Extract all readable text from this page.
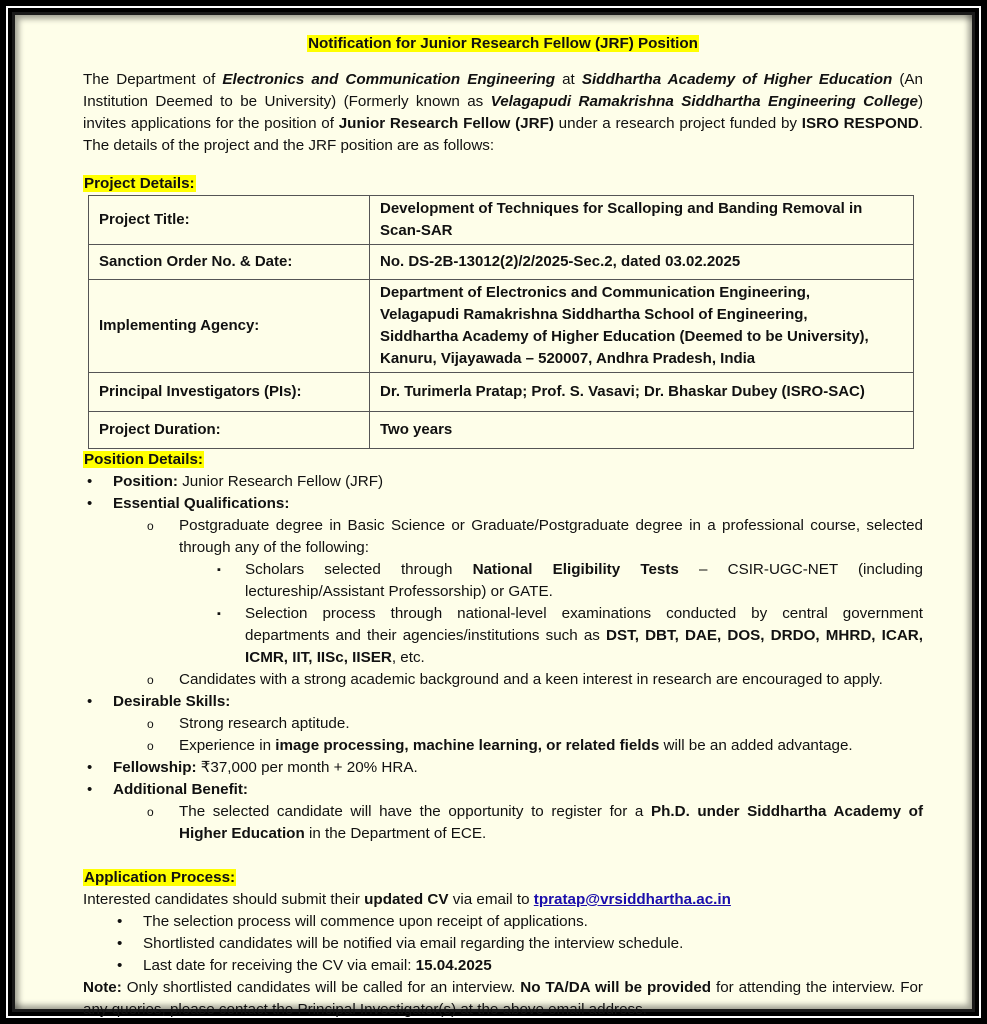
Notification for Junior Research Fellow (JRF) Position

The Department of Electronics and Communication Engineering at Siddhartha Academy of Higher Education (An Institution Deemed to be University) (Formerly known as Velagapudi Ramakrishna Siddhartha Engineering College) invites applications for the position of Junior Research Fellow (JRF) under a research project funded by ISRO RESPOND. The details of the project and the JRF position are as follows:

Project Details:
Project Title:	Development of Techniques for Scalloping and Banding Removal in Scan-SAR
Sanction Order No. & Date:	No. DS-2B-13012(2)/2/2025-Sec.2, dated 03.02.2025
Implementing Agency:	Department of Electronics and Communication Engineering,
Velagapudi Ramakrishna Siddhartha School of Engineering,
Siddhartha Academy of Higher Education (Deemed to be University),
Kanuru, Vijayawada – 520007, Andhra Pradesh, India

Principal Investigators (PIs):	Dr. Turimerla Pratap; Prof. S. Vasavi; Dr. Bhaskar Dubey (ISRO-SAC)
Project Duration:	Two years
Position Details:
• Position: Junior Research Fellow (JRF)
• Essential Qualifications:
o Postgraduate degree in Basic Science or Graduate/Postgraduate degree in a professional course, selected through any of the following:
▪ Scholars selected through National Eligibility Tests – CSIR-UGC-NET (including lectureship/Assistant Professorship) or GATE.
▪ Selection process through national-level examinations conducted by central government departments and their agencies/institutions such as DST, DBT, DAE, DOS, DRDO, MHRD, ICAR, ICMR, IIT, IISc, IISER, etc.
o Candidates with a strong academic background and a keen interest in research are encouraged to apply.
• Desirable Skills:
o Strong research aptitude.
o Experience in image processing, machine learning, or related fields will be an added advantage.
• Fellowship: ₹37,000 per month + 20% HRA.
• Additional Benefit:
o The selected candidate will have the opportunity to register for a Ph.D. under Siddhartha Academy of Higher Education in the Department of ECE.
Application Process:
Interested candidates should submit their updated CV via email to tpratap@vrsiddhartha.ac.in
• The selection process will commence upon receipt of applications.
• Shortlisted candidates will be notified via email regarding the interview schedule.
• Last date for receiving the CV via email: 15.04.2025

Note: Only shortlisted candidates will be called for an interview. No TA/DA will be provided for attending the interview. For any queries, please contact the Principal Investigator(s) at the above email address.
